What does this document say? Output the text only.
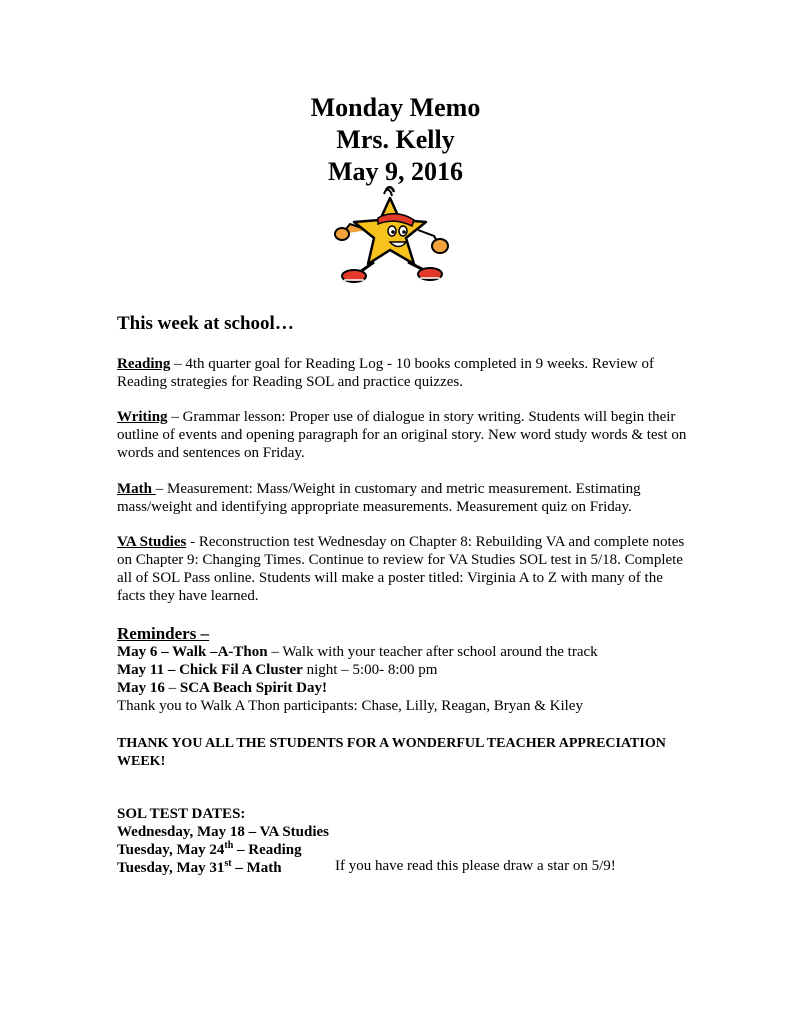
Monday Memo
Mrs. Kelly
May 9, 2016
This week at school…
Reading – 4th quarter goal for Reading Log - 10 books completed in 9 weeks. Review of Reading strategies for Reading SOL and practice quizzes.
Writing – Grammar lesson: Proper use of dialogue in story writing. Students will begin their outline of events and opening paragraph for an original story. New word study words & test on words and sentences on Friday.
Math – Measurement: Mass/Weight in customary and metric measurement. Estimating mass/weight and identifying appropriate measurements. Measurement quiz on Friday.
VA Studies - Reconstruction test Wednesday on Chapter 8: Rebuilding VA and complete notes on Chapter 9: Changing Times. Continue to review for VA Studies SOL test in 5/18. Complete all of SOL Pass online. Students will make a poster titled: Virginia A to Z with many of the facts they have learned.
Reminders –
May 6 – Walk –A-Thon – Walk with your teacher after school around the track
May 11 – Chick Fil A Cluster night – 5:00- 8:00 pm
May 16 – SCA Beach Spirit Day!
Thank you to Walk A Thon participants: Chase, Lilly, Reagan, Bryan & Kiley
THANK YOU ALL THE STUDENTS FOR A WONDERFUL TEACHER APPRECIATION WEEK!
SOL TEST DATES:
Wednesday, May 18 – VA Studies
Tuesday, May 24th – Reading
Tuesday, May 31st – Math	If you have read this please draw a star on 5/9!
